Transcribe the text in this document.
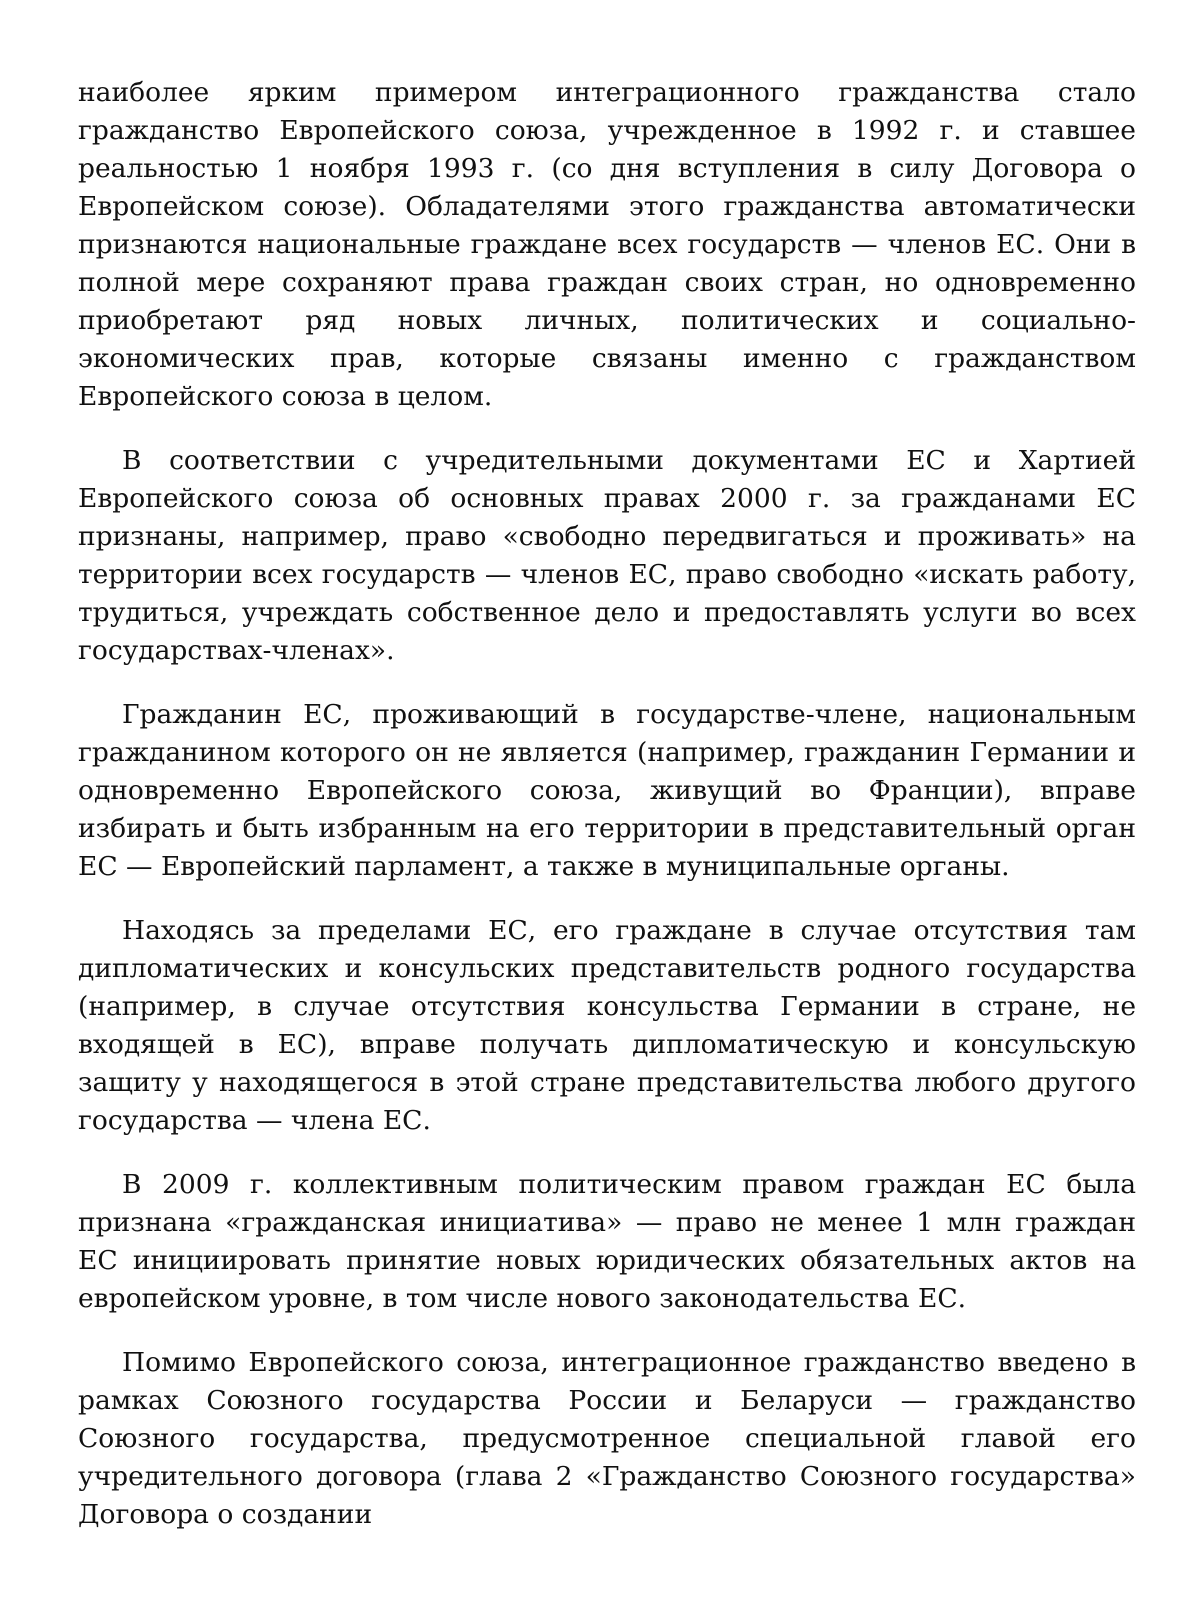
наиболее ярким примером интеграционного гражданства стало гражданство Европейского союза, учрежденное в 1992 г. и ставшее реальностью 1 ноября 1993 г. (со дня вступления в силу Договора о Европейском союзе). Обладателями этого гражданства автоматически признаются национальные граждане всех государств — членов ЕС. Они в полной мере сохраняют права граждан своих стран, но одновременно приобретают ряд новых личных, политических и социально-экономических прав, которые связаны именно с гражданством Европейского союза в целом.

В соответствии с учредительными документами ЕС и Хартией Европейского союза об основных правах 2000 г. за гражданами ЕС признаны, например, право «свободно передвигаться и проживать» на территории всех государств — членов ЕС, право свободно «искать работу, трудиться, учреждать собственное дело и предоставлять услуги во всех государствах-членах».

Гражданин ЕС, проживающий в государстве-члене, национальным гражданином которого он не является (например, гражданин Германии и одновременно Европейского союза, живущий во Франции), вправе избирать и быть избранным на его территории в представительный орган ЕС — Европейский парламент, а также в муниципальные органы.

Находясь за пределами ЕС, его граждане в случае отсутствия там дипломатических и консульских представительств родного государства (например, в случае отсутствия консульства Германии в стране, не входящей в ЕС), вправе получать дипломатическую и консульскую защиту у находящегося в этой стране представительства любого другого государства — члена ЕС.

В 2009 г. коллективным политическим правом граждан ЕС была признана «гражданская инициатива» — право не менее 1 млн граждан ЕС инициировать принятие новых юридических обязательных актов на европейском уровне, в том числе нового законодательства ЕС.

Помимо Европейского союза, интеграционное гражданство введено в рамках Союзного государства России и Беларуси — гражданство Союзного государства, предусмотренное специальной главой его учредительного договора (глава 2 «Гражданство Союзного государства» Договора о создании
